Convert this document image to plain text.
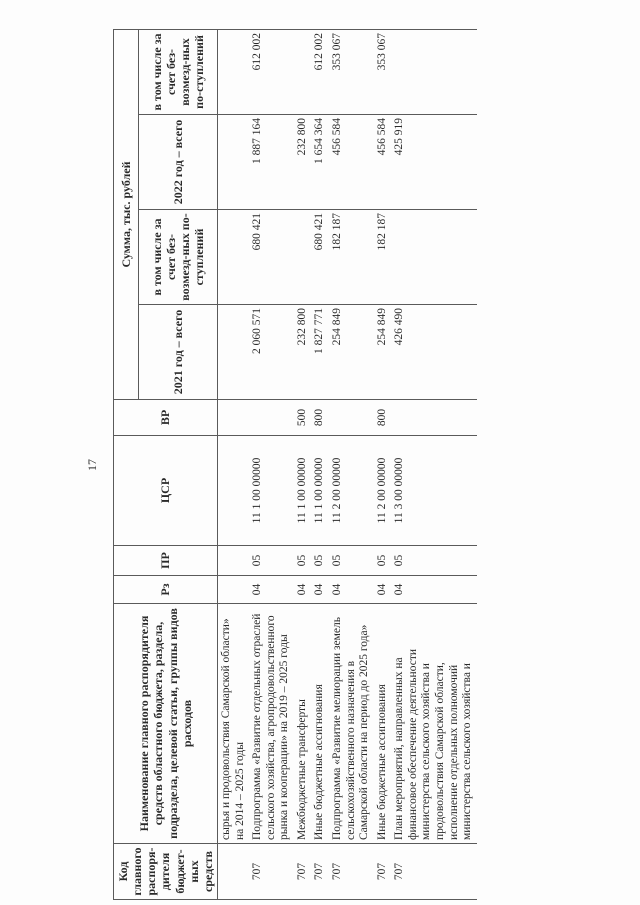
17
Код главного распоря-дителя бюджет-ных средств	Наименование главного распорядителя средств областного бюджета, раздела, подраздела, целевой статьи, группы видов расходов	Рз	ПР	ЦСР	ВР	Сумма, тыс. рублей			
						2021 год – всего	в том числе за счет без-возмезд-ных по-ступлений	2022 год – всего	в том числе за счет без-возмезд-ных по-ступлений
	сырья и продовольствия Самарской области» на 2014 – 2025 годы								
707	Подпрограмма «Развитие отдельных отраслей сельского хозяйства, агропродовольственного рынка и кооперации» на 2019 – 2025 годы	04	05	11 1 00 00000		2 060 571	680 421	1 887 164	612 002
707	Межбюджетные трансферты	04	05	11 1 00 00000	500	232 800		232 800	
707	Иные бюджетные ассигнования	04	05	11 1 00 00000	800	1 827 771	680 421	1 654 364	612 002
707	Подпрограмма «Развитие мелиорации земель сельскохозяйственного назначения в Самарской области на период до 2025 года»	04	05	11 2 00 00000		254 849	182 187	456 584	353 067
707	Иные бюджетные ассигнования	04	05	11 2 00 00000	800	254 849	182 187	456 584	353 067
707	План мероприятий, направленных на финансовое обеспечение деятельности министерства сельского хозяйства и продовольствия Самарской области, исполнение отдельных полномочий министерства сельского хозяйства и	04	05	11 3 00 00000		426 490		425 919	
